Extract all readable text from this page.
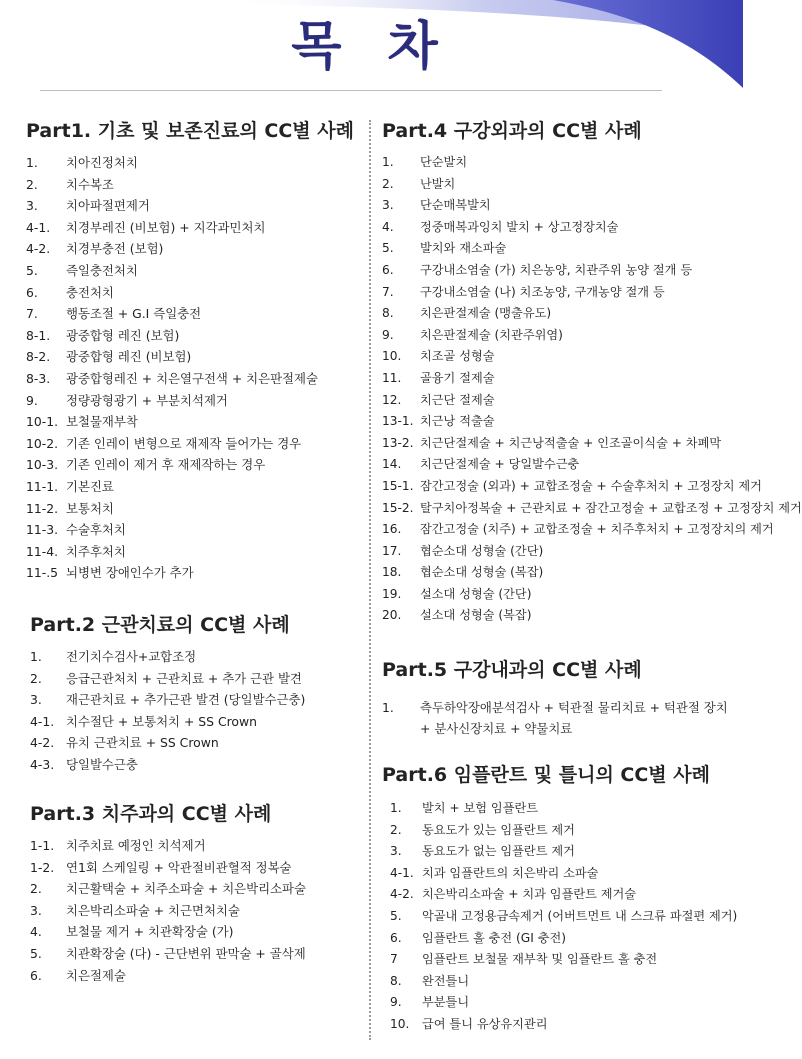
목 차
Part1. 기초 및 보존진료의 CC별 사례
1.	치아진정처치
2.	치수복조
3.	치아파절편제거
4-1.	치경부레진 (비보험) + 지각과민처치
4-2.	치경부충전 (보험)
5.	즉일충전처치
6.	충전처치
7.	행동조절 + G.I 즉일충전
8-1.	광중합형 레진 (보험)
8-2.	광중합형 레진 (비보험)
8-3.	광중합형레진 + 치은열구전색 + 치은판절제술
9.	정량광형광기 + 부분치석제거
10-1. 보철물재부착
10-2. 기존 인레이 변형으로 재제작 들어가는 경우
10-3. 기존 인레이 제거 후 재제작하는 경우
11-1. 기본진료
11-2. 보통처치
11-3. 수술후처치
11-4. 치주후처치
11-.5 뇌병변 장애인수가 추가
Part.2 근관치료의 CC별 사례
1.	전기치수검사+교합조정
2.	응급근관처치 + 근관치료 + 추가 근관 발견
3.	재근관치료 + 추가근관 발견 (당일발수근충)
4-1. 치수절단 + 보통처치 + SS Crown
4-2. 유치 근관치료 + SS Crown
4-3. 당일발수근충
Part.3 치주과의 CC별 사례
1-1. 치주치료 예정인 치석제거
1-2. 연1회 스케일링 + 악관절비관혈적 정복술
2.	치근활택술 + 치주소파술 + 치은박리소파술
3.	치은박리소파술 + 치근면처치술
4.	보철물 제거 + 치관확장술 (가)
5.	치관확장술 (다) - 근단변위 판막술 + 골삭제
6.	치은절제술
Part.4 구강외과의 CC별 사례
1.	단순발치
2.	난발치
3.	단순매복발치
4.	정중매복과잉치 발치 + 상고정장치술
5.	발치와 재소파술
6.	구강내소염술 (가) 치은농양, 치관주위 농양 절개 등
7.	구강내소염술 (나) 치조농양, 구개농양 절개 등
8.	치은판절제술 (맹출유도)
9.	치은판절제술 (치관주위염)
10.	치조골 성형술
11.	골융기 절제술
12.	치근단 절제술
13-1. 치근낭 적출술
13-2. 치근단절제술 + 치근낭적출술 + 인조골이식술 + 차폐막
14.	치근단절제술 + 당일발수근충
15-1. 잠간고정술 (외과) + 교합조정술 + 수술후처치 + 고정장치 제거
15-2. 탈구치아정복술 + 근관치료 + 잠간고정술 + 교합조정 + 고정장치 제거
16.	잠간고정술 (치주) + 교합조정술 + 치주후처치 + 고정장치의 제거
17.	협순소대 성형술 (간단)
18.	협순소대 성형술 (복잡)
19.	설소대 성형술 (간단)
20.	설소대 성형술 (복잡)
Part.5 구강내과의 CC별 사례
1.	측두하악장애분석검사 + 턱관절 물리치료 + 턱관절 장치 + 분사신장치료 + 약물치료
Part.6 임플란트 및 틀니의 CC별 사례
1.	발치 + 보험 임플란트
2.	동요도가 있는 임플란트 제거
3.	동요도가 없는 임플란트 제거
4-1. 치과 임플란트의 치은박리 소파술
4-2. 치은박리소파술 + 치과 임플란트 제거술
5.	악골내 고정용금속제거 (어버트먼트 내 스크류 파절편 제거)
6.	임플란트 홀 충전 (GI 충전)
7	임플란트 보철물 재부착 및 임플란트 홀 충전
8.	완전틀니
9.	부분틀니
10.	급여 틀니 유상유지관리
